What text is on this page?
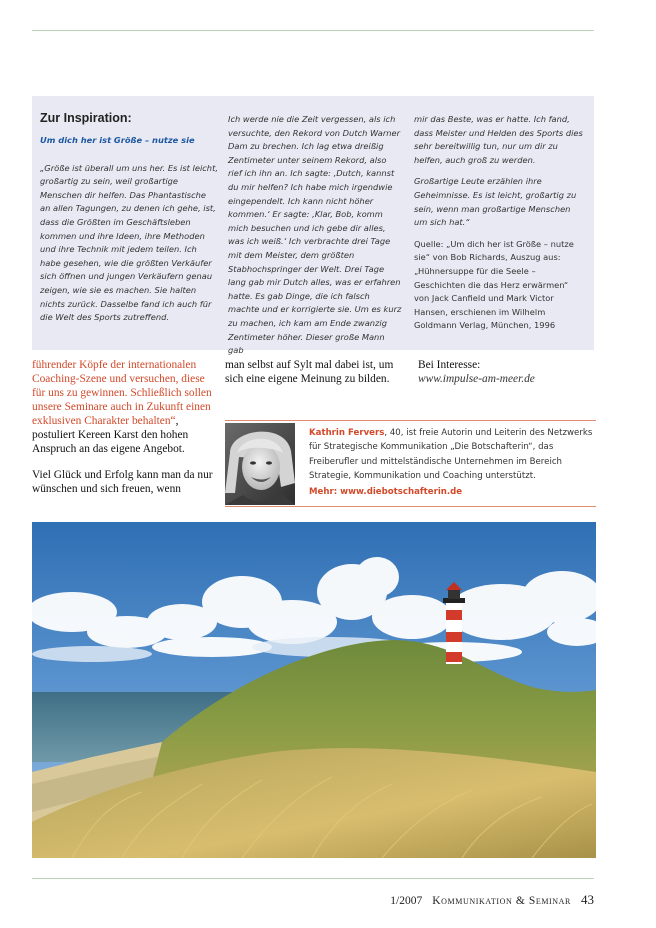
Zur Inspiration:

Um dich her ist Größe – nutze sie

„Größe ist überall um uns her. Es ist leicht, großartig zu sein, weil großartige Menschen dir helfen. Das Phantastische an allen Tagungen, zu denen ich gehe, ist, dass die Größten im Geschäftsleben kommen und ihre Ideen, ihre Methoden und ihre Technik mit jedem teilen. Ich habe gesehen, wie die größten Verkäufer sich öffnen und jungen Verkäufern genau zeigen, wie sie es machen. Sie halten nichts zurück. Dasselbe fand ich auch für die Welt des Sports zutreffend.

Ich werde nie die Zeit vergessen, als ich versuchte, den Rekord von Dutch Warner Dam zu brechen. Ich lag etwa dreißig Zentimeter unter seinem Rekord, also rief ich ihn an. Ich sagte: ‚Dutch, kannst du mir helfen? Ich habe mich irgendwie eingependelt. Ich kann nicht höher kommen.‘ Er sagte: ‚Klar, Bob, komm mich besuchen und ich gebe dir alles, was ich weiß.‘ Ich verbrachte drei Tage mit dem Meister, dem größten Stabhochspringer der Welt. Drei Tage lang gab mir Dutch alles, was er erfahren hatte. Es gab Dinge, die ich falsch machte und er korrigierte sie. Um es kurz zu machen, ich kam am Ende zwanzig Zentimeter höher. Dieser große Mann gab

mir das Beste, was er hatte. Ich fand, dass Meister und Helden des Sports dies sehr bereitwillig tun, nur um dir zu helfen, auch groß zu werden.

Großartige Leute erzählen ihre Geheimnisse. Es ist leicht, großartig zu sein, wenn man großartige Menschen um sich hat.“

Quelle: „Um dich her ist Größe – nutze sie“ von Bob Richards, Auszug aus: „Hühnersuppe für die Seele – Geschichten die das Herz erwärmen“ von Jack Canfield und Mark Victor Hansen, erschienen im Wilhelm Goldmann Verlag, München, 1996

führender Köpfe der internationalen Coaching-Szene und versuchen, diese für uns zu gewinnen. Schließlich sollen unsere Seminare auch in Zukunft einen exklusiven Charakter behalten“, postuliert Kereen Karst den hohen Anspruch an das eigene Angebot.

Viel Glück und Erfolg kann man da nur wünschen und sich freuen, wenn

man selbst auf Sylt mal dabei ist, um sich eine eigene Meinung zu bilden.

Bei Interesse:
www.impulse-am-meer.de
Kathrin Fervers, 40, ist freie Autorin und Leiterin des Netzwerks für Strategische Kommunikation „Die Botschafterin“, das Freiberufler und mittelständische Unternehmen im Bereich Strategie, Kommunikation und Coaching unterstützt.
Mehr: www.diebotschafterin.de
1/2007 Kommunikation & Seminar 43
